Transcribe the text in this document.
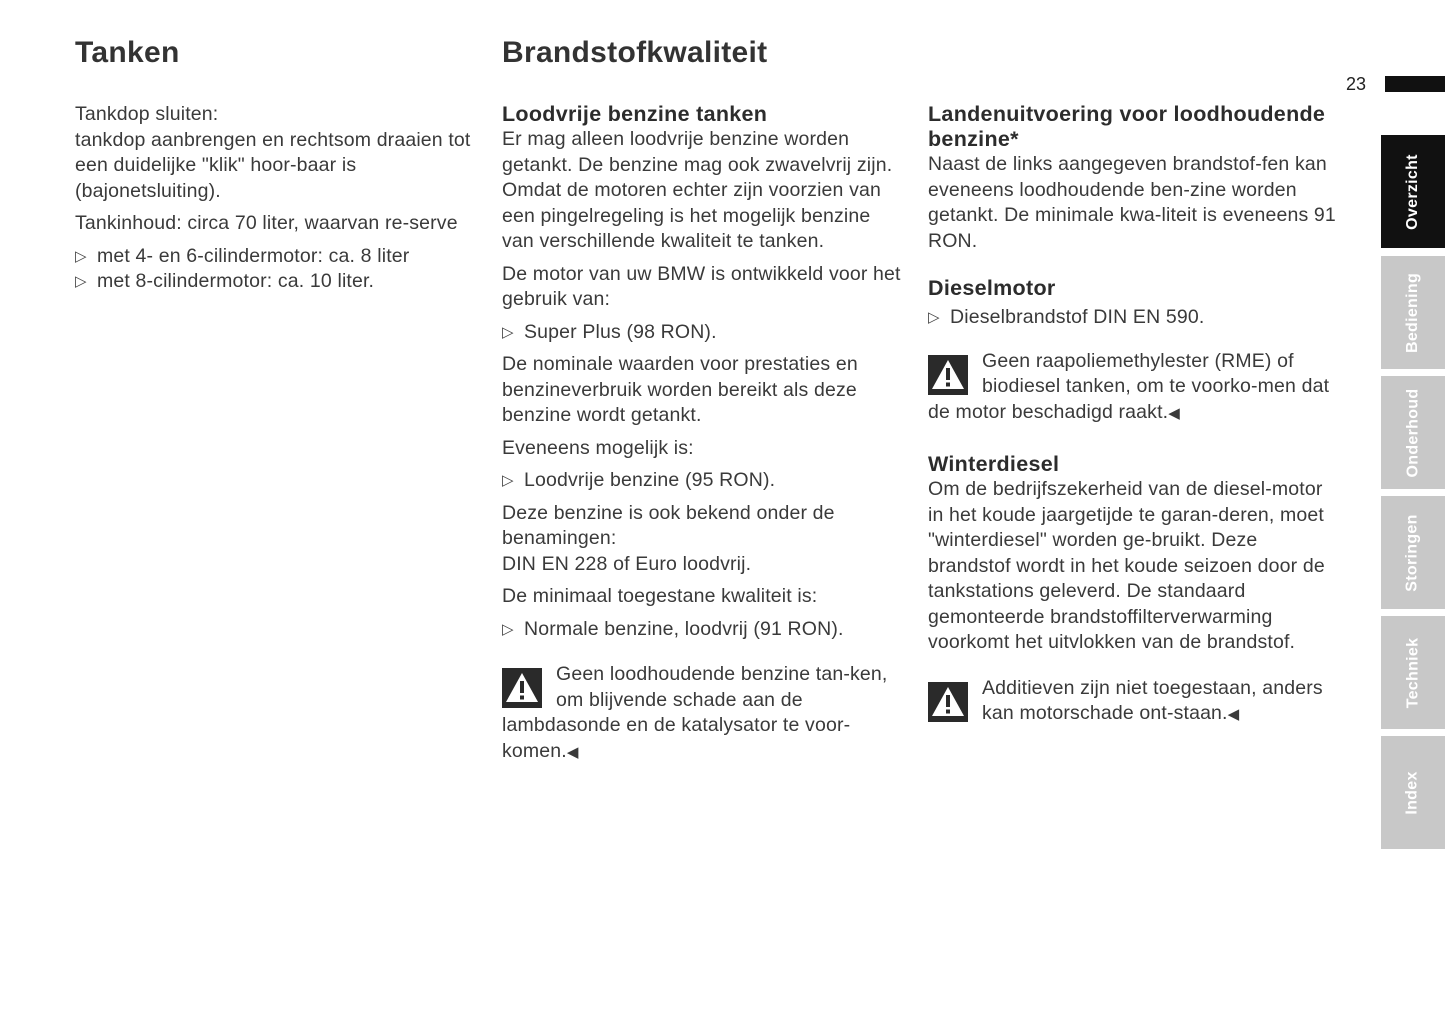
Tanken	Brandstofkwaliteit
23

Tankdop sluiten:
tankdop aanbrengen en rechtsom draaien tot een duidelijke "klik" hoor-baar is (bajonetsluiting).

Tankinhoud: circa 70 liter, waarvan re-serve

▷ met 4- en 6-cilindermotor: ca. 8 liter
▷ met 8-cilindermotor: ca. 10 liter.
Loodvrije benzine tanken

Er mag alleen loodvrije benzine worden getankt. De benzine mag ook zwavelvrij zijn. Omdat de motoren echter zijn voorzien van een pingelregeling is het mogelijk benzine van verschillende kwaliteit te tanken.

De motor van uw BMW is ontwikkeld voor het gebruik van:

▷ Super Plus (98 RON).

De nominale waarden voor prestaties en benzineverbruik worden bereikt als deze benzine wordt getankt.

Eveneens mogelijk is:

▷ Loodvrije benzine (95 RON).

Deze benzine is ook bekend onder de benamingen:
DIN EN 228 of Euro loodvrij.

De minimaal toegestane kwaliteit is:

▷ Normale benzine, loodvrij (91 RON).
Geen loodhoudende benzine tan-ken, om blijvende schade aan de lambdasonde en de katalysator te voor-komen.◀
Landenuitvoering voor loodhoudende benzine*

Naast de links aangegeven brandstof-fen kan eveneens loodhoudende ben-zine worden getankt. De minimale kwa-liteit is eveneens 91 RON.

Dieselmotor
▷ Dieselbrandstof DIN EN 590.
Geen raapoliemethylester (RME) of biodiesel tanken, om te voorko-men dat de motor beschadigd raakt.◀
Winterdiesel

Om de bedrijfszekerheid van de diesel-motor in het koude jaargetijde te garan-deren, moet "winterdiesel" worden ge-bruikt. Deze brandstof wordt in het koude seizoen door de tankstations geleverd. De standaard gemonteerde brandstoffilterverwarming voorkomt het uitvlokken van de brandstof.

Additieven zijn niet toegestaan, anders kan motorschade ont-staan.◀
Overzicht
Bediening
Onderhoud
Storingen
Techniek
Index
